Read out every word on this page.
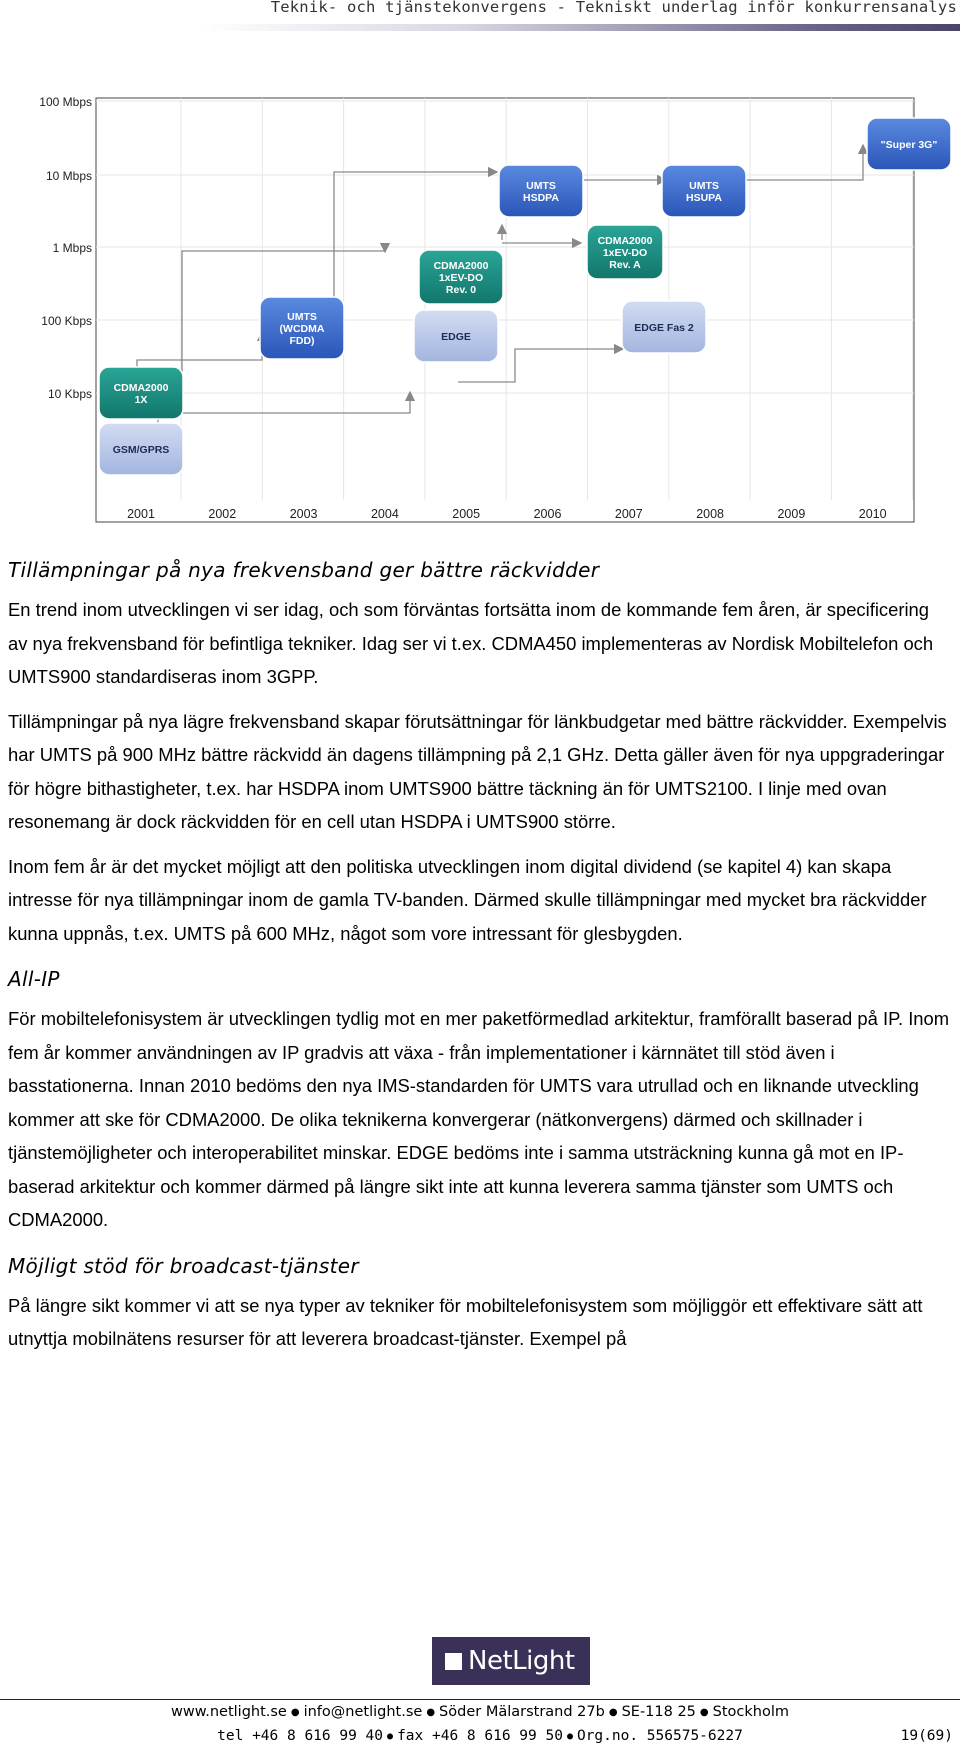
Teknik- och tjänstekonvergens - Tekniskt underlag inför konkurrensanalys
"Super 3G"
UMTS
HSDPA
UMTS
HSUPA
CDMA2000
1xEV-DO
Rev. A
CDMA2000
1xEV-DO
Rev. 0
UMTS
(WCDMA
FDD)	EDGE
EDGE Fas 2
CDMA2000
1X
GSM/GPRS
100 Mbps
10 Mbps
1 Mbps
100 Kbps
10 Kbps
2001	2002	2003	2004	2005	2006	2007	2008	2009	2010
Tillämpningar på nya frekvensband ger bättre räckvidder

En trend inom utvecklingen vi ser idag, och som förväntas fortsätta inom de kommande fem åren, är specificering av nya frekvensband för befintliga tekniker. Idag ser vi t.ex. CDMA450 implementeras av Nordisk Mobiltelefon och UMTS900 standardiseras inom 3GPP.

Tillämpningar på nya lägre frekvensband skapar förutsättningar för länkbudgetar med bättre räckvidder. Exempelvis har UMTS på 900 MHz bättre räckvidd än dagens tillämpning på 2,1 GHz. Detta gäller även för nya uppgraderingar för högre bithastigheter, t.ex. har HSDPA inom UMTS900 bättre täckning än för UMTS2100. I linje med ovan resonemang är dock räckvidden för en cell utan HSDPA i UMTS900 större.

Inom fem år är det mycket möjligt att den politiska utvecklingen inom digital dividend (se kapitel 4) kan skapa intresse för nya tillämpningar inom de gamla TV-banden. Därmed skulle tillämpningar med mycket bra räckvidder kunna uppnås, t.ex. UMTS på 600 MHz, något som vore intressant för glesbygden.

All-IP

För mobiltelefonisystem är utvecklingen tydlig mot en mer paketförmedlad arkitektur, framförallt baserad på IP. Inom fem år kommer användningen av IP gradvis att växa - från implementationer i kärnnätet till stöd även i basstationerna. Innan 2010 bedöms den nya IMS-standarden för UMTS vara utrullad och en liknande utveckling kommer att ske för CDMA2000. De olika teknikerna konvergerar (nätkonvergens) därmed och skillnader i tjänstemöjligheter och interoperabilitet minskar. EDGE bedöms inte i samma utsträckning kunna gå mot en IP-baserad arkitektur och kommer därmed på längre sikt inte att kunna leverera samma tjänster som UMTS och CDMA2000.

Möjligt stöd för broadcast-tjänster

På längre sikt kommer vi att se nya typer av tekniker för mobiltelefonisystem som möjliggör ett effektivare sätt att utnyttja mobilnätens resurser för att leverera broadcast-tjänster. Exempel på

NetLight
www.netlight.se ● info@netlight.se ● Söder Mälarstrand 27b ● SE-118 25 ● Stockholm
tel +46 8 616 99 40 ● fax +46 8 616 99 50 ● Org.no. 556575-6227	19(69)
